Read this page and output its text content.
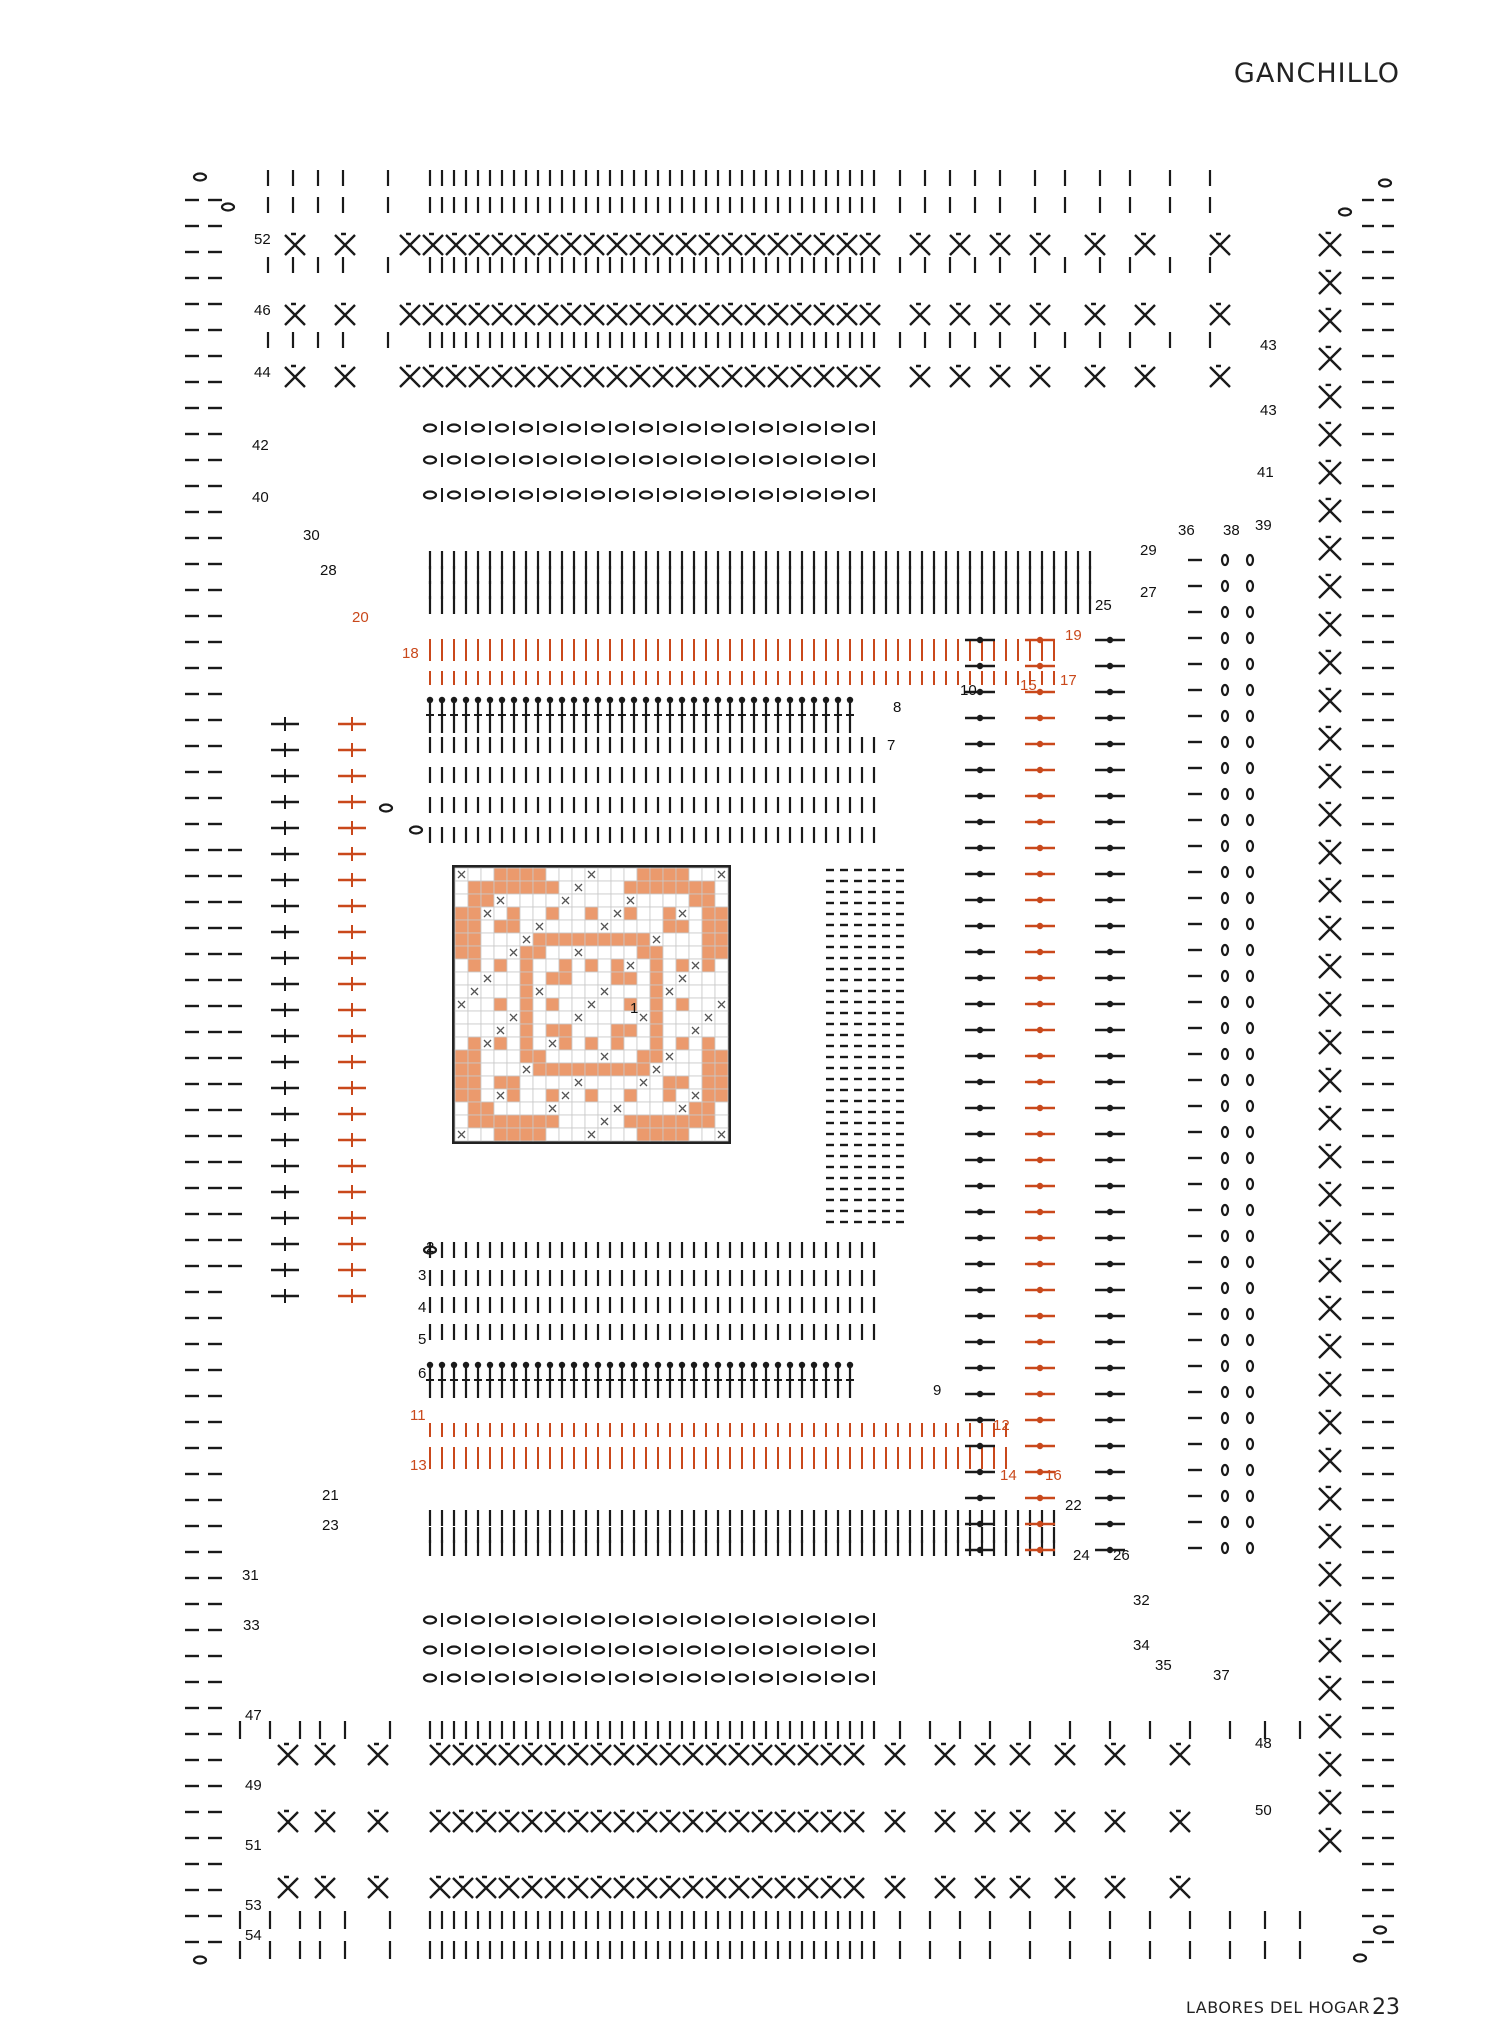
GANCHILLO
52
46
44
42
40
30
28
20
18
43
43
41
39
38
36
29
27
25
19
17
15
10
8
7
1
2
3
4
5
6
9
11
12
13
14 16
21
22
23
24 26
31
32
33
34
35
37
47
48
49
50
51
53
54
LABORES DEL HOGAR 23
